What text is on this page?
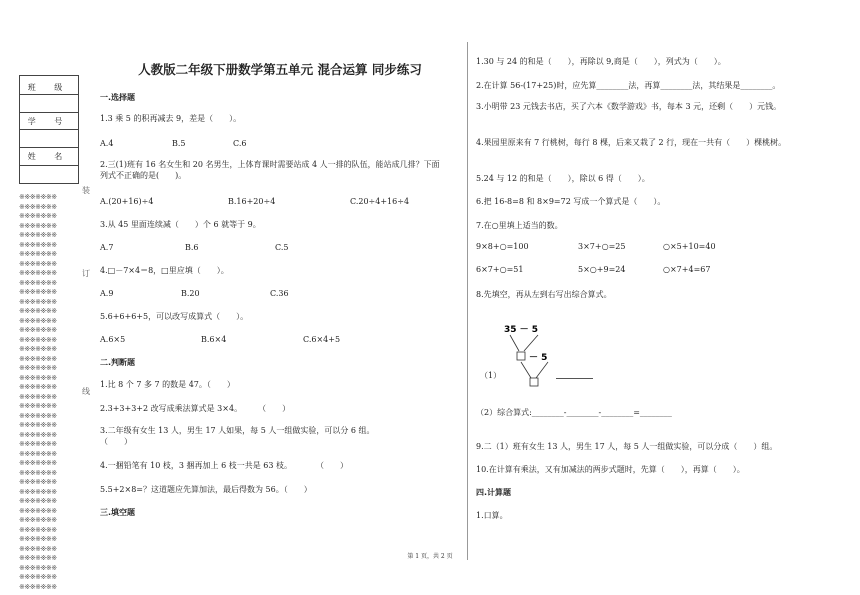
班 级
学 号
姓 名
※※※※※※※
※※※※※※※
※※※※※※※
※※※※※※※
※※※※※※※
※※※※※※※
※※※※※※※
※※※※※※※
※※※※※※※
※※※※※※※
※※※※※※※
※※※※※※※
※※※※※※※
※※※※※※※
※※※※※※※
※※※※※※※
※※※※※※※
※※※※※※※
※※※※※※※
※※※※※※※
※※※※※※※
※※※※※※※
※※※※※※※
※※※※※※※
※※※※※※※
※※※※※※※
※※※※※※※
※※※※※※※
※※※※※※※
※※※※※※※
※※※※※※※
※※※※※※※
※※※※※※※
※※※※※※※
※※※※※※※
※※※※※※※
※※※※※※※
※※※※※※※
※※※※※※※
※※※※※※※
※※※※※※※
※※※※※※※
装
订
线
人教版二年级下册数学第五单元 混合运算 同步练习
一.选择题
1.3 乘 5 的积再减去 9，差是（　　）。
A.4	B.5	C.6
2.三(1)班有 16 名女生和 20 名男生，上体育课时需要站成 4 人一排的队伍，能站成几排？下面列式不正确的是(　　)。
A.(20+16)÷4	B.16+20÷4	C.20÷4+16÷4
3.从 45 里面连续减（　　）个 6 就等于 9。
A.7	B.6	C.5
4.□－7×4＝8，□里应填（　　）。
A.9	B.20	C.36
5.6+6+6+5，可以改写成算式（　　）。
A.6×5	B.6×4	C.6×4+5
二.判断题
1.比 8 个 7 多 7 的数是 47。（　　）
2.3+3+3+2 改写成乘法算式是 3×4。　　　（　　）
3.二年级有女生 13 人，男生 17 人如果，每 5 人一组做实验，可以分 6 组。　　　（　　）
4.一捆铅笔有 10 枝，3 捆再加上 6 枝一共是 63 枝。　　　　（　　）
5.5+2×8=？这道题应先算加法，最后得数为 56。（　　）
三.填空题
1.30 与 24 的和是（　　），再除以 9,商是（　　），列式为（　　）。
2.在计算 56-(17+25)时，应先算________法，再算________法，其结果是________。
3.小明带 23 元钱去书店，买了六本《数学游戏》书，每本 3 元，还剩（　　）元钱。
4.果园里原来有 7 行桃树，每行 8 棵，后来又栽了 2 行，现在一共有（　　）棵桃树。
5.24 与 12 的和是（　　），除以 6 得（　　）。
6.把 16-8=8 和 8×9=72 写成一个算式是（　　）。
7.在○里填上适当的数。
9×8+○=100	3×7+○=25	○×5+10=40
6×7+○=51	5×○+9=24	○×7+4=67
8.先填空，再从左到右写出综合算式。
35 － 5
－ 5
（1）
（2）综合算式:________-________-________=________
9.二（1）班有女生 13 人，男生 17 人，每 5 人一组做实验，可以分成（　　）组。
10.在计算有乘法，又有加减法的两步式题时，先算（　　），再算（　　）。
四.计算题
1.口算。
第 1 页，共 2 页
